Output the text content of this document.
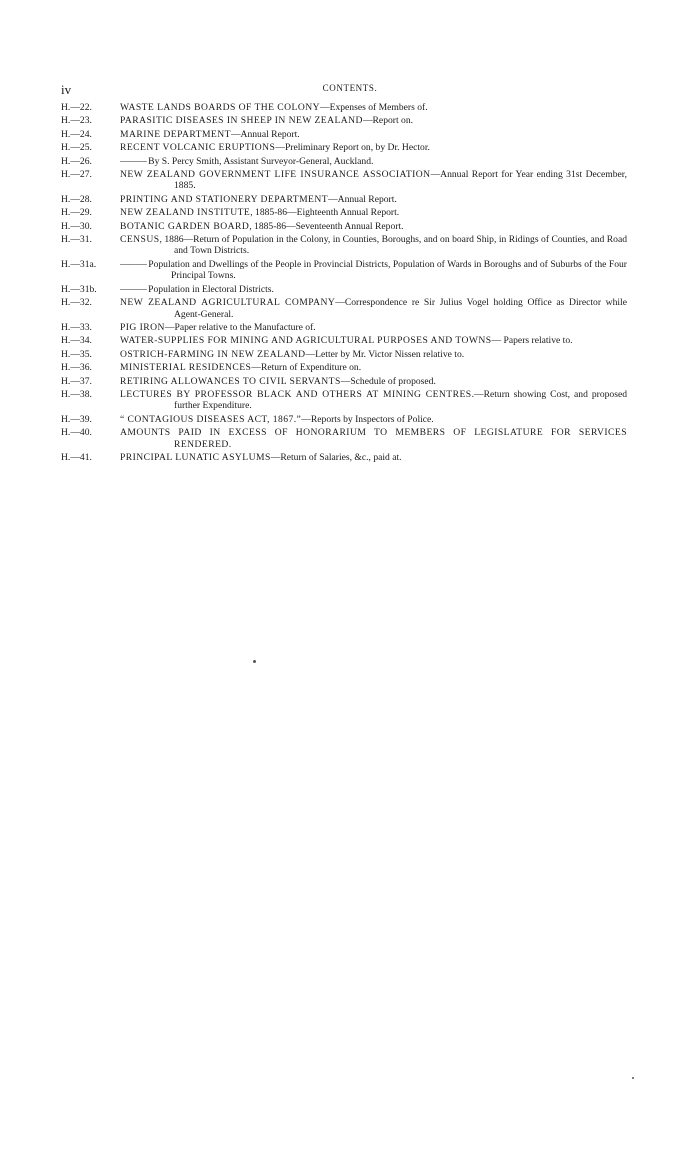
iv	CONTENTS.
H.—22.	WASTE LANDS BOARDS OF THE COLONY—Expenses of Members of.
H.—23.	PARASITIC DISEASES IN SHEEP IN NEW ZEALAND—Report on.
H.—24.	MARINE DEPARTMENT—Annual Report.
H.—25.	RECENT VOLCANIC ERUPTIONS—Preliminary Report on, by Dr. Hector.
H.—26.	——— By S. Percy Smith, Assistant Surveyor-General, Auckland.
H.—27.	NEW ZEALAND GOVERNMENT LIFE INSURANCE ASSOCIATION—Annual Report for Year ending 31st December, 1885.
H.—28.	PRINTING AND STATIONERY DEPARTMENT—Annual Report.
H.—29.	NEW ZEALAND INSTITUTE, 1885-86—Eighteenth Annual Report.
H.—30.	BOTANIC GARDEN BOARD, 1885-86—Seventeenth Annual Report.
H.—31.	CENSUS, 1886—Return of Population in the Colony, in Counties, Boroughs, and on board Ship, in Ridings of Counties, and Road and Town Districts.
H.—31a.	——— Population and Dwellings of the People in Provincial Districts, Population of Wards in Boroughs and of Suburbs of the Four Principal Towns.
H.—31b.	——— Population in Electoral Districts.
H.—32.	NEW ZEALAND AGRICULTURAL COMPANY—Correspondence re Sir Julius Vogel holding Office as Director while Agent-General.
H.—33.	PIG IRON—Paper relative to the Manufacture of.
H.—34.	WATER-SUPPLIES FOR MINING AND AGRICULTURAL PURPOSES AND TOWNS— Papers relative to.
H.—35.	OSTRICH-FARMING IN NEW ZEALAND—Letter by Mr. Victor Nissen relative to.
H.—36.	MINISTERIAL RESIDENCES—Return of Expenditure on.
H.—37.	RETIRING ALLOWANCES TO CIVIL SERVANTS—Schedule of proposed.
H.—38.	LECTURES BY PROFESSOR BLACK AND OTHERS AT MINING CENTRES.—Return showing Cost, and proposed further Expenditure.
H.—39.	“ CONTAGIOUS DISEASES ACT, 1867.”—Reports by Inspectors of Police.
H.—40.	AMOUNTS PAID IN EXCESS OF HONORARIUM TO MEMBERS OF LEGISLATURE FOR SERVICES RENDERED.
H.—41.	PRINCIPAL LUNATIC ASYLUMS—Return of Salaries, &c., paid at.
